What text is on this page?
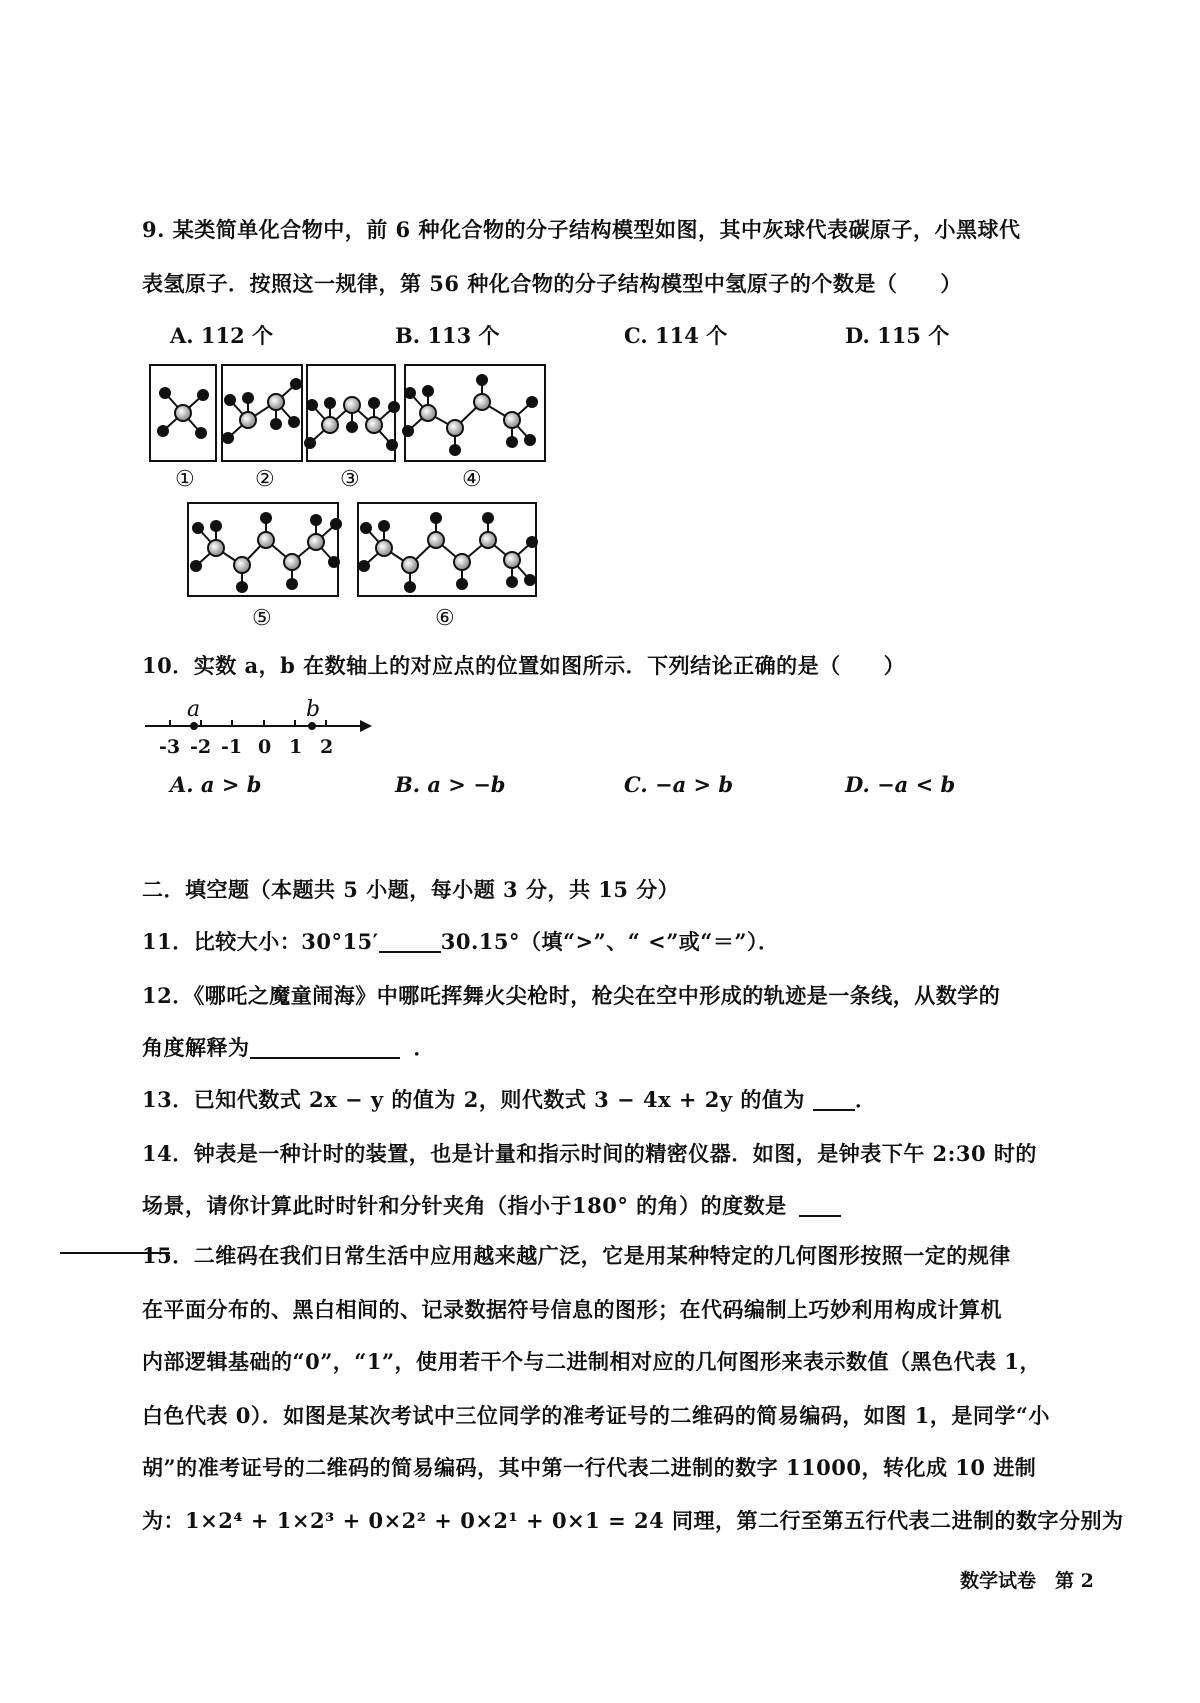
9. 某类简单化合物中，前 6 种化合物的分子结构模型如图，其中灰球代表碳原子，小黑球代
表氢原子．按照这一规律，第 56 种化合物的分子结构模型中氢原子的个数是（　　）
A. 112 个	B. 113 个	C. 114 个	D. 115 个
①	②	③	④
⑤	⑥
10．实数 a，b 在数轴上的对应点的位置如图所示．下列结论正确的是（　　）
a	b
-3 -2 -1 0 1 2
A. a > b	B. a > −b	C. −a > b	D. −a < b
二．填空题（本题共 5 小题，每小题 3 分，共 15 分）
11．比较大小：30°15′	30.15°（填“>”、“ <”或“＝”）．
12．《哪吒之魔童闹海》中哪吒挥舞火尖枪时，枪尖在空中形成的轨迹是一条线，从数学的
角度解释为	．
13．已知代数式 2x − y 的值为 2，则代数式 3 − 4x + 2y 的值为 ．
14．钟表是一种计时的装置，也是计量和指示时间的精密仪器．如图，是钟表下午 2:30 时的
场景，请你计算此时时针和分针夹角（指小于180° 的角）的度数是
15．二维码在我们日常生活中应用越来越广泛，它是用某种特定的几何图形按照一定的规律
在平面分布的、黑白相间的、记录数据符号信息的图形；在代码编制上巧妙利用构成计算机
内部逻辑基础的“0”，“1”，使用若干个与二进制相对应的几何图形来表示数值（黑色代表 1，
白色代表 0）．如图是某次考试中三位同学的准考证号的二维码的简易编码，如图 1，是同学“小
胡”的准考证号的二维码的简易编码，其中第一行代表二进制的数字 11000，转化成 10 进制
为：1×2⁴ + 1×2³ + 0×2² + 0×2¹ + 0×1 = 24 同理，第二行至第五行代表二进制的数字分别为
数学试卷　第 2
